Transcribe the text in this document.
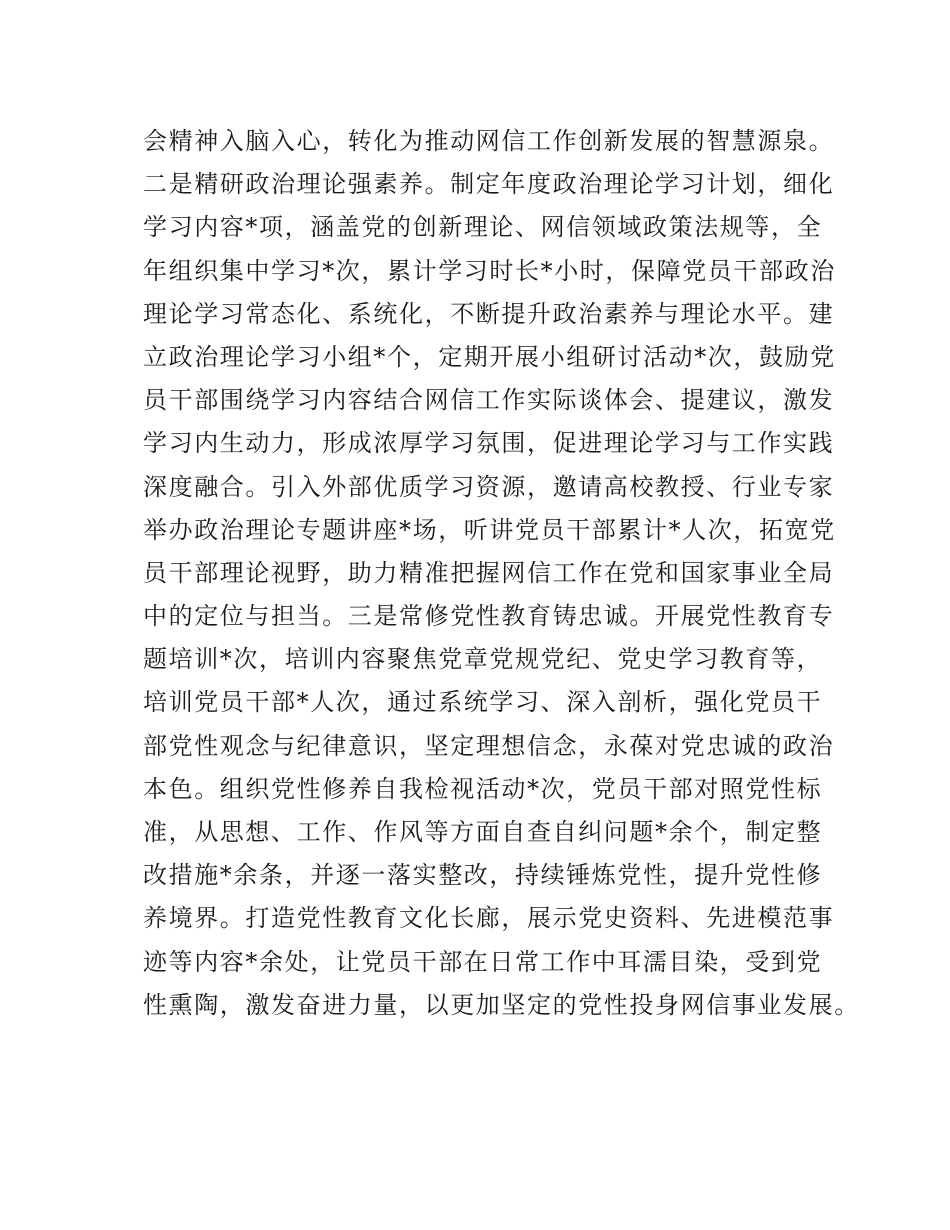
会精神入脑入心，转化为推动网信工作创新发展的智慧源泉。
二是精研政治理论强素养。制定年度政治理论学习计划，细化
学习内容*项，涵盖党的创新理论、网信领域政策法规等，全
年组织集中学习*次，累计学习时长*小时，保障党员干部政治
理论学习常态化、系统化，不断提升政治素养与理论水平。建
立政治理论学习小组*个，定期开展小组研讨活动*次，鼓励党
员干部围绕学习内容结合网信工作实际谈体会、提建议，激发
学习内生动力，形成浓厚学习氛围，促进理论学习与工作实践
深度融合。引入外部优质学习资源，邀请高校教授、行业专家
举办政治理论专题讲座*场，听讲党员干部累计*人次，拓宽党
员干部理论视野，助力精准把握网信工作在党和国家事业全局
中的定位与担当。三是常修党性教育铸忠诚。开展党性教育专
题培训*次，培训内容聚焦党章党规党纪、党史学习教育等，
培训党员干部*人次，通过系统学习、深入剖析，强化党员干
部党性观念与纪律意识，坚定理想信念，永葆对党忠诚的政治
本色。组织党性修养自我检视活动*次，党员干部对照党性标
准，从思想、工作、作风等方面自查自纠问题*余个，制定整
改措施*余条，并逐一落实整改，持续锤炼党性，提升党性修
养境界。打造党性教育文化长廊，展示党史资料、先进模范事
迹等内容*余处，让党员干部在日常工作中耳濡目染，受到党
性熏陶，激发奋进力量，以更加坚定的党性投身网信事业发展。
